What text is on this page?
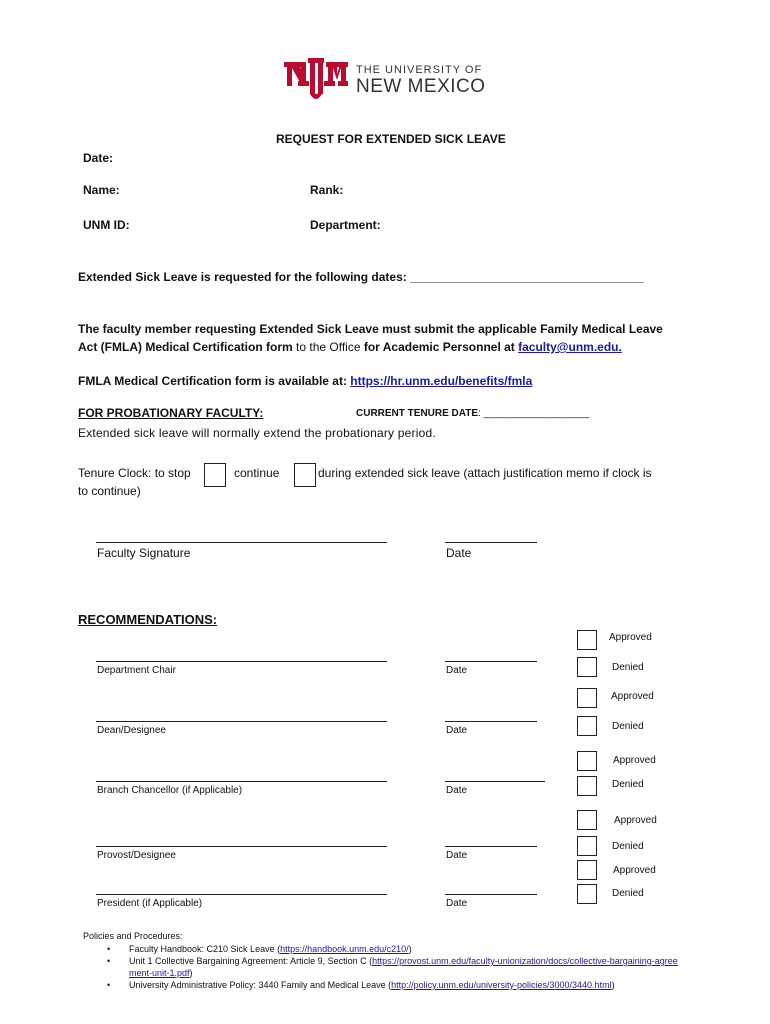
THE UNIVERSITY OF
NEW MEXICO
REQUEST FOR EXTENDED SICK LEAVE
Date:
Name:	Rank:
UNM ID:	Department:
Extended Sick Leave is requested for the following dates: ___________________________________
The faculty member requesting Extended Sick Leave must submit the applicable Family Medical Leave
Act (FMLA) Medical Certification form to the Office for Academic Personnel at faculty@unm.edu.
FMLA Medical Certification form is available at: https://hr.unm.edu/benefits/fmla
FOR PROBATIONARY FACULTY:	CURRENT TENURE DATE: ___________________
Extended sick leave will normally extend the probationary period.
Tenure Clock: to stop	continue	during extended sick leave (attach justification memo if clock is
to continue)
Faculty Signature	Date
RECOMMENDATIONS:
Approved
Denied
Department Chair	Date
Approved
Denied
Dean/Designee	Date
Approved
Denied
Branch Chancellor (if Applicable)	Date
Approved
Denied
Provost/Designee	Date
Approved
Denied
President (if Applicable)	Date
Policies and Procedures:
• Faculty Handbook: C210 Sick Leave (https://handbook.unm.edu/c210/)
• Unit 1 Collective Bargaining Agreement: Article 9, Section C (https://provost.unm.edu/faculty-unionization/docs/collective-bargaining-agreement-unit-1.pdf)
• University Administrative Policy: 3440 Family and Medical Leave (http://policy.unm.edu/university-policies/3000/3440.html)
